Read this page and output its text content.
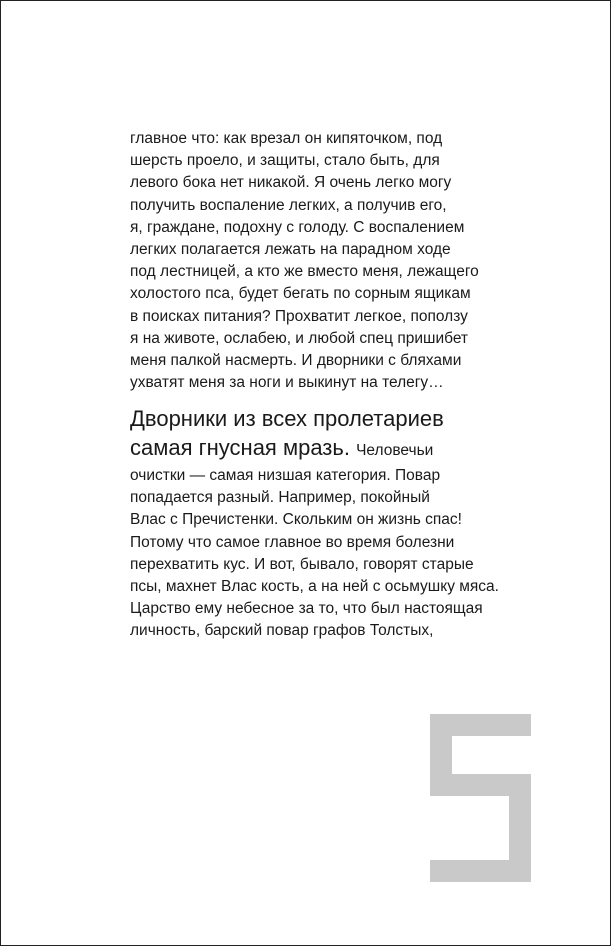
главное что: как врезал он кипяточком, под
шерсть проело, и защиты, стало быть, для
левого бока нет никакой. Я очень легко могу
получить воспаление легких, а получив его,
я, граждане, подохну с голоду. С воспалением
легких полагается лежать на парадном ходе
под лестницей, а кто же вместо меня, лежащего
холостого пса, будет бегать по сорным ящикам
в поисках питания? Прохватит легкое, поползу
я на животе, ослабею, и любой спец пришибет
меня палкой насмерть. И дворники с бляхами
ухватят меня за ноги и выкинут на телегу…
Дворники из всех пролетариев
самая гнусная мразь. Человечьи
очистки — самая низшая категория. Повар
попадается разный. Например, покойный
Влас с Пречистенки. Скольким он жизнь спас!
Потому что самое главное во время болезни
перехватить кус. И вот, бывало, говорят старые
псы, махнет Влас кость, а на ней с осьмушку мяса.
Царство ему небесное за то, что был настоящая
личность, барский повар графов Толстых,
